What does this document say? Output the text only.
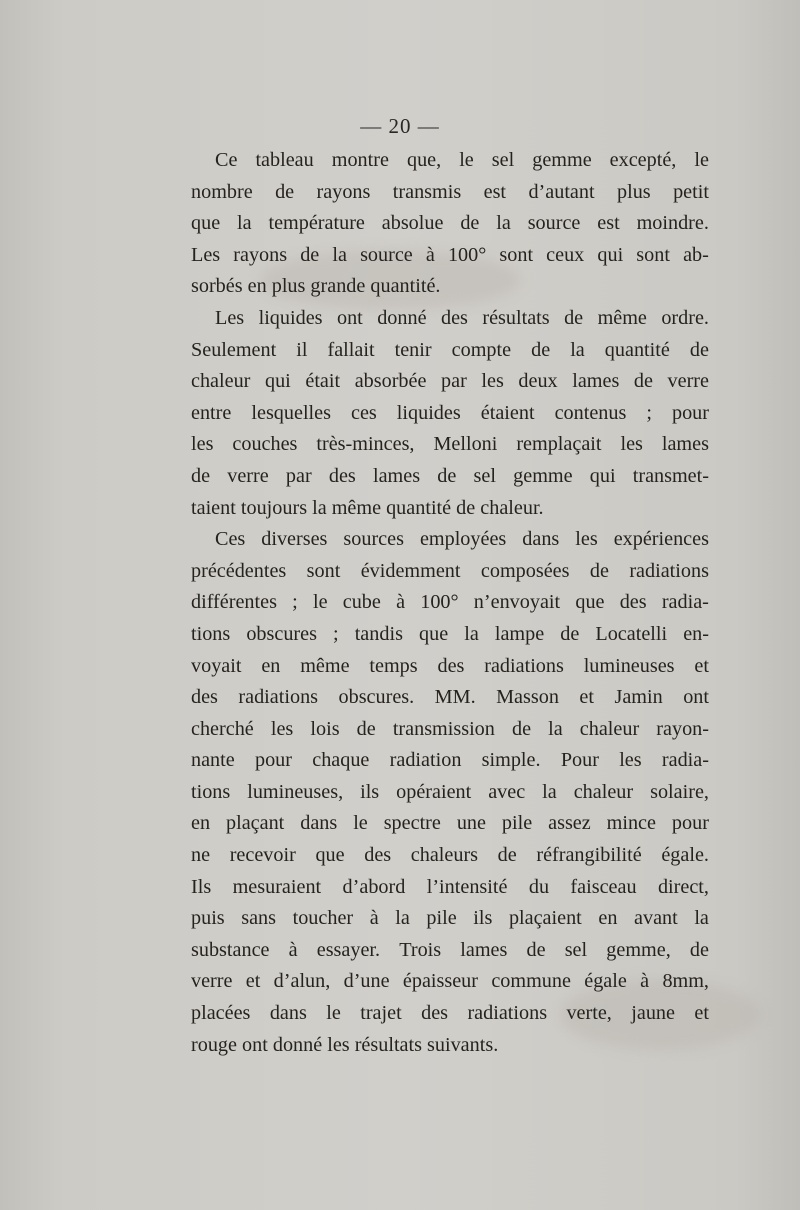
— 20 —
Ce tableau montre que, le sel gemme excepté, le
nombre de rayons transmis est d’autant plus petit
que la température absolue de la source est moindre.
Les rayons de la source à 100° sont ceux qui sont ab-
sorbés en plus grande quantité.
Les liquides ont donné des résultats de même ordre.
Seulement il fallait tenir compte de la quantité de
chaleur qui était absorbée par les deux lames de verre
entre lesquelles ces liquides étaient contenus ; pour
les couches très-minces, Melloni remplaçait les lames
de verre par des lames de sel gemme qui transmet-
taient toujours la même quantité de chaleur.
Ces diverses sources employées dans les expériences
précédentes sont évidemment composées de radiations
différentes ; le cube à 100° n’envoyait que des radia-
tions obscures ; tandis que la lampe de Locatelli en-
voyait en même temps des radiations lumineuses et
des radiations obscures. MM. Masson et Jamin ont
cherché les lois de transmission de la chaleur rayon-
nante pour chaque radiation simple. Pour les radia-
tions lumineuses, ils opéraient avec la chaleur solaire,
en plaçant dans le spectre une pile assez mince pour
ne recevoir que des chaleurs de réfrangibilité égale.
Ils mesuraient d’abord l’intensité du faisceau direct,
puis sans toucher à la pile ils plaçaient en avant la
substance à essayer. Trois lames de sel gemme, de
verre et d’alun, d’une épaisseur commune égale à 8mm,
placées dans le trajet des radiations verte, jaune et
rouge ont donné les résultats suivants.
